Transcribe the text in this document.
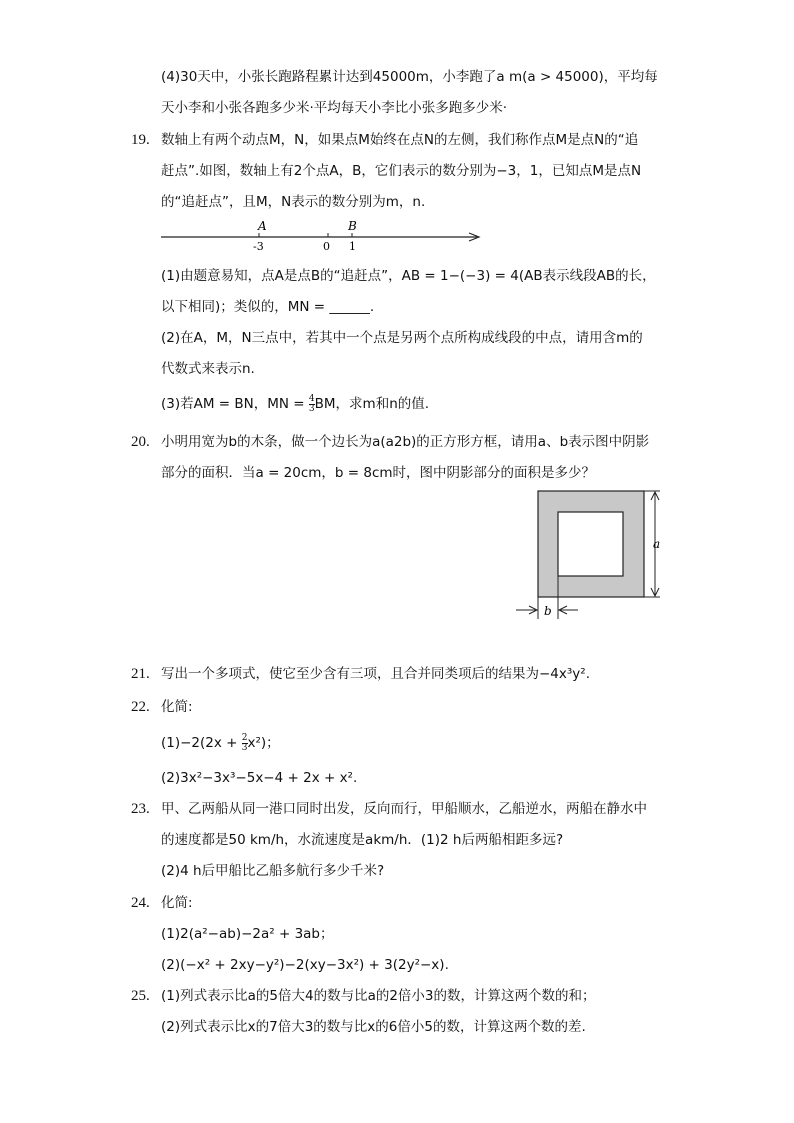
(4)30天中，小张长跑路程累计达到45000m，小李跑了a m(a > 45000)，平均每
天小李和小张各跑多少米·平均每天小李比小张多跑多少米·
19. 数轴上有两个动点M，N，如果点M始终在点N的左侧，我们称作点M是点N的“追
赶点”.如图，数轴上有2个点A，B，它们表示的数分别为−3，1，已知点M是点N
的“追赶点”，且M，N表示的数分别为m，n.
A	B
-3	0 1
(1)由题意易知，点A是点B的“追赶点”，AB = 1−(−3) = 4(AB表示线段AB的长，
以下相同)；类似的，MN = ______.
(2)在A，M，N三点中，若其中一个点是另两个点所构成线段的中点，请用含m的
代数式来表示n.
(3)若AM = BN，MN = $\frac{4}{3}$ BM，求m和n的值.
20. 小明用宽为b的木条，做一个边长为a(a2b)的正方形方框，请用a、b表示图中阴影
部分的面积．当a = 20cm，b = 8cm时，图中阴影部分的面积是多少？
a
b
21. 写出一个多项式，使它至少含有三项，且合并同类项后的结果为−4x³y².
22. 化简:
$(1)-2(2x + \frac{2}{3} x^2)$；
(2)3x²−3x³−5x−4 + 2x + x².
23. 甲、乙两船从同一港口同时出发，反向而行，甲船顺水，乙船逆水，两船在静水中
的速度都是50 km/h，水流速度是akm/h．(1)2 h后两船相距多远?
(2)4 h后甲船比乙船多航行多少千米?
24. 化简:
(1)2(a²−ab)−2a² + 3ab；
(2)(−x² + 2xy−y²)−2(xy−3x²) + 3(2y²−x).
25. (1)列式表示比a的5倍大4的数与比a的2倍小3的数，计算这两个数的和；
(2)列式表示比x的7倍大3的数与比x的6倍小5的数，计算这两个数的差.
